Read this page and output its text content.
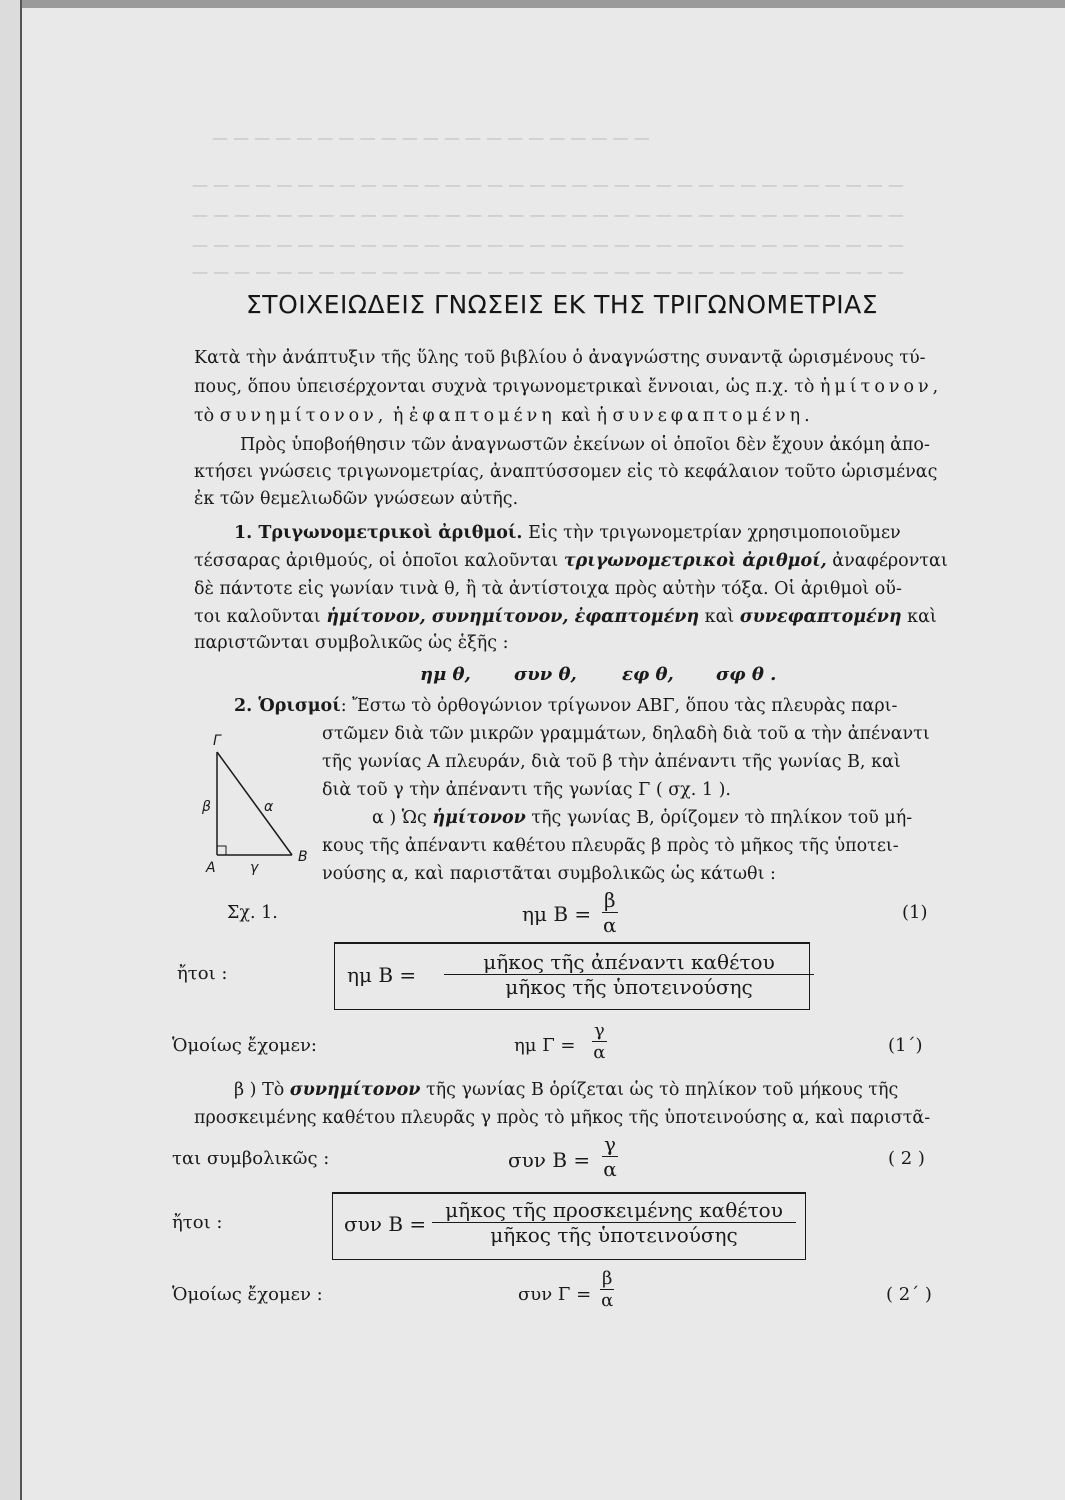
— — — — — — — — — — — — — — — — — — — — —
— — — — — — — — — — — — — — — — — — — — — — — — — — — — — — — — — —
— — — — — — — — — — — — — — — — — — — — — — — — — — — — — — — — — —
— — — — — — — — — — — — — — — — — — — — — — — — — — — — — — — — — —
— — — — — — — — — — — — — — — — — — — — — — — — — — — — — — — — — —
ΣΤΟΙΧΕΙΩΔΕΙΣ ΓΝΩΣΕΙΣ ΕΚ ΤΗΣ ΤΡΙΓΩΝΟΜΕΤΡΙΑΣ
Κατὰ τὴν ἀνάπτυξιν τῆς ὕλης τοῦ βιβλίου ὁ ἀναγνώστης συναντᾷ ὡρισμένους τύ-
πους, ὅπου ὑπεισέρχονται συχνὰ τριγωνομετρικαὶ ἔννοιαι, ὡς π.χ. τὸ ἡμίτονον,
τὸ συνημίτονον, ἡ ἐφαπτομένη καὶ ἡ συνεφαπτομένη.
Πρὸς ὑποβοήθησιν τῶν ἀναγνωστῶν ἐκείνων οἱ ὁποῖοι δὲν ἔχουν ἀκόμη ἀπο-
κτήσει γνώσεις τριγωνομετρίας, ἀναπτύσσομεν εἰς τὸ κεφάλαιον τοῦτο ὡρισμένας
ἐκ τῶν θεμελιωδῶν γνώσεων αὐτῆς.
1. Τριγωνομετρικοὶ ἀριθμοί. Εἰς τὴν τριγωνομετρίαν χρησιμοποιοῦμεν
τέσσαρας ἀριθμούς, οἱ ὁποῖοι καλοῦνται τριγωνομετρικοὶ ἀριθμοί, ἀναφέρονται
δὲ πάντοτε εἰς γωνίαν τινὰ θ, ἢ τὰ ἀντίστοιχα πρὸς αὐτὴν τόξα. Οἱ ἀριθμοὶ οὕ-
τοι καλοῦνται ἡμίτονον, συνημίτονον, ἐφαπτομένη καὶ συνεφαπτομένη καὶ
παριστῶνται συμβολικῶς ὡς ἑξῆς :
ημ θ, συν θ,	εφ θ, σφ θ .
2. Ὁρισμοί: Ἔστω τὸ ὀρθογώνιον τρίγωνον ΑΒΓ, ὅπου τὰς πλευρὰς παρι-
στῶμεν διὰ τῶν μικρῶν γραμμάτων, δηλαδὴ διὰ τοῦ α τὴν ἀπέναντι
τῆς γωνίας Α πλευράν, διὰ τοῦ β τὴν ἀπέναντι τῆς γωνίας Β, καὶ
διὰ τοῦ γ τὴν ἀπέναντι τῆς γωνίας Γ ( σχ. 1 ).
α ) Ὡς ἡμίτονον τῆς γωνίας Β, ὁρίζομεν τὸ πηλίκον τοῦ μή-
κους τῆς ἀπέναντι καθέτου πλευρᾶς β πρὸς τὸ μῆκος τῆς ὑποτει-
νούσης α, καὶ παριστᾶται συμβολικῶς ὡς κάτωθι :
Γ
Α
Β
β	α
γ
Σχ. 1.	ημ $B = \frac{\beta}{\alpha}$	(1)
ἤτοι :	ημ B =
μῆκος τῆς ἀπέναντι καθέτου
μῆκος τῆς ὑποτεινούσης
Ὁμοίως ἔχομεν:	ημ $\Gamma = \frac{\gamma}{\alpha}$	(1΄)
β ) Τὸ συνημίτονον τῆς γωνίας Β ὁρίζεται ὡς τὸ πηλίκον τοῦ μήκους τῆς
προσκειμένης καθέτου πλευρᾶς γ πρὸς τὸ μῆκος τῆς ὑποτεινούσης α, καὶ παριστᾶ-
ται συμβολικῶς :	συν $B = \frac{\gamma}{\alpha}$	( 2 )
ἤτοι :	συν B =
μῆκος τῆς προσκειμένης καθέτου
μῆκος τῆς ὑποτεινούσης
Ὁμοίως ἔχομεν :	συν $\Gamma = \frac{\beta}{\alpha}$	( 2΄ )
